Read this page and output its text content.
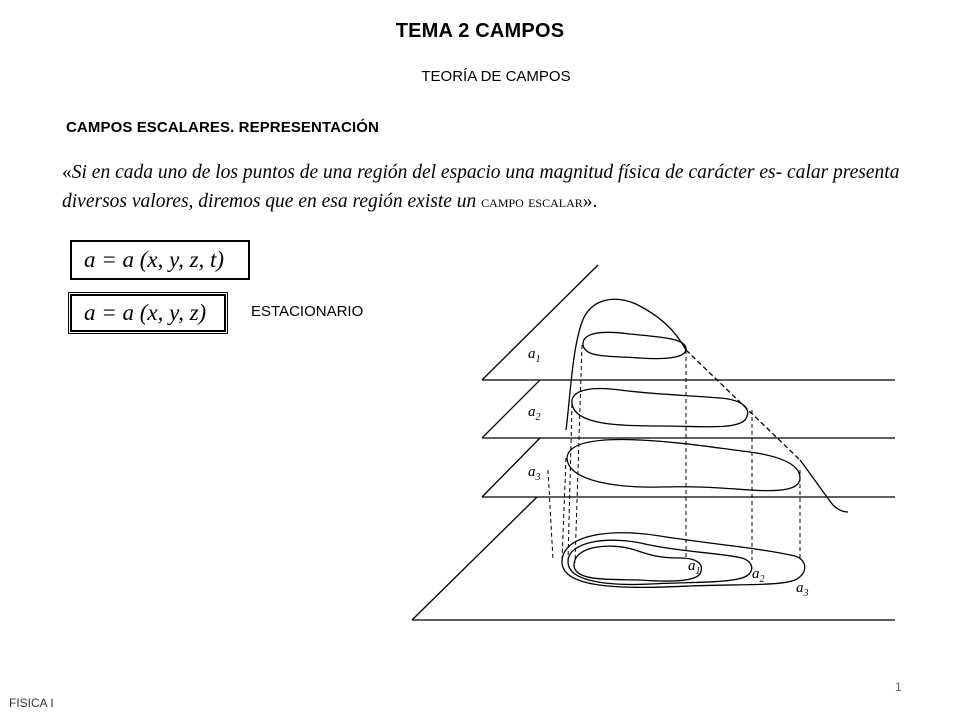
TEMA 2 CAMPOS
TEORÍA DE CAMPOS
CAMPOS ESCALARES. REPRESENTACIÓN
«Si en cada uno de los puntos de una región del espacio una magnitud física de carácter es- calar presenta diversos valores, diremos que en esa región existe un campo escalar».
a = a (x, y, z, t)
a = a (x, y, z)	ESTACIONARIO
$a_1$
$a_2$
$a_3$
$a_1$	$a_2$
$a_3$
FISICA I
1
